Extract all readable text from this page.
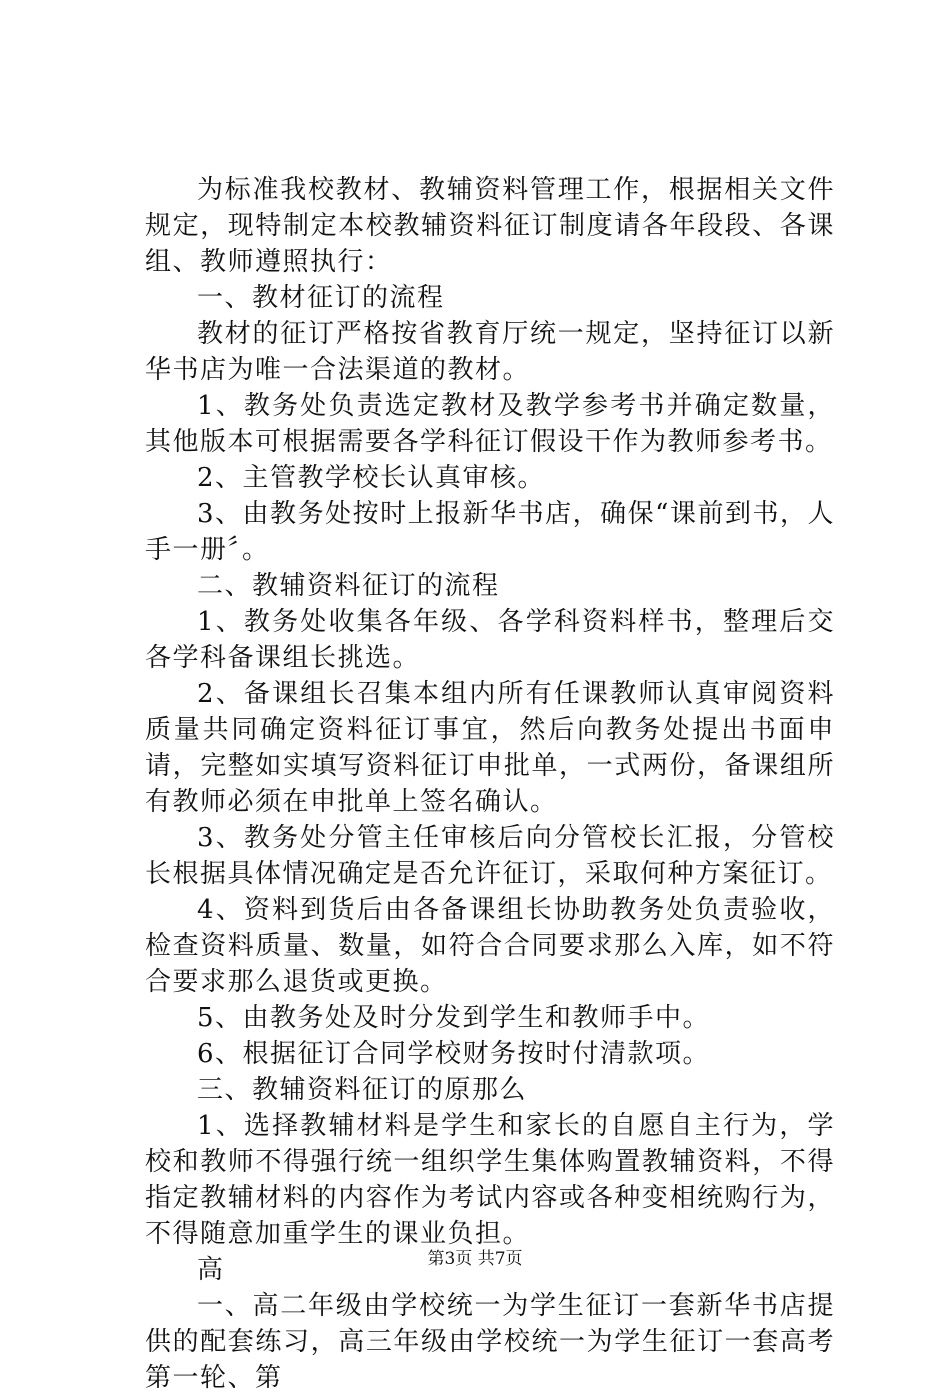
为标准我校教材、教辅资料管理工作，根据相关文件规定，现特制定本校教辅资料征订制度请各年段段、各课组、教师遵照执行：

一、教材征订的流程

教材的征订严格按省教育厅统一规定，坚持征订以新华书店为唯一合法渠道的教材。

1、教务处负责选定教材及教学参考书并确定数量，其他版本可根据需要各学科征订假设干作为教师参考书。

2、主管教学校长认真审核。

3、由教务处按时上报新华书店，确保“课前到书，人手一册〞。

二、教辅资料征订的流程

1、教务处收集各年级、各学科资料样书，整理后交各学科备课组长挑选。

2、备课组长召集本组内所有任课教师认真审阅资料质量共同确定资料征订事宜，然后向教务处提出书面申请，完整如实填写资料征订申批单，一式两份，备课组所有教师必须在申批单上签名确认。

3、教务处分管主任审核后向分管校长汇报，分管校长根据具体情况确定是否允许征订，采取何种方案征订。

4、资料到货后由各备课组长协助教务处负责验收，检查资料质量、数量，如符合合同要求那么入库，如不符合要求那么退货或更换。

5、由教务处及时分发到学生和教师手中。

6、根据征订合同学校财务按时付清款项。

三、教辅资料征订的原那么

1、选择教辅材料是学生和家长的自愿自主行为，学校和教师不得强行统一组织学生集体购置教辅资料，不得指定教辅材料的内容作为考试内容或各种变相统购行为，不得随意加重学生的课业负担。

高

一、高二年级由学校统一为学生征订一套新华书店提供的配套练习，高三年级由学校统一为学生征订一套高考第一轮、第

第3页 共7页
